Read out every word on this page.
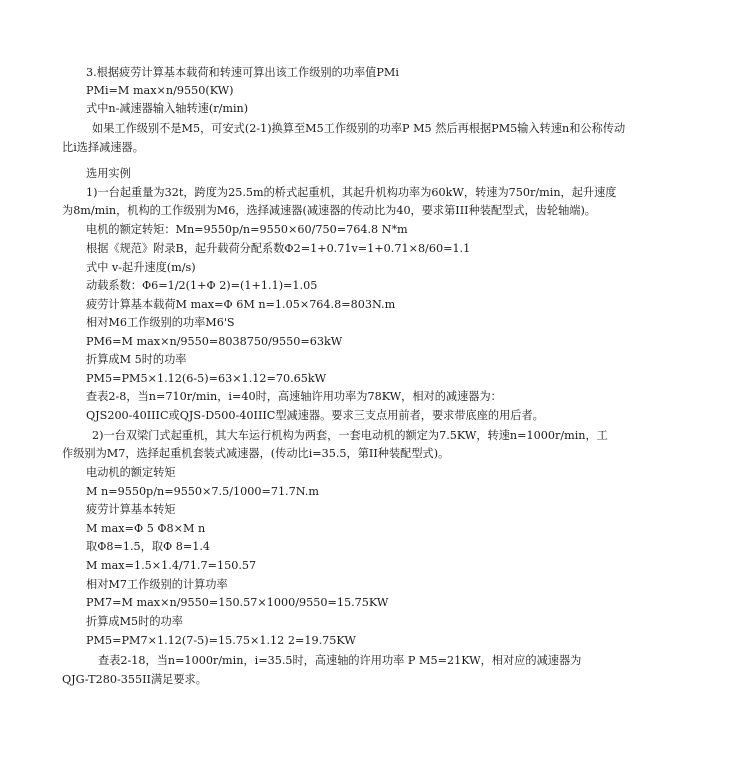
3.根据疲劳计算基本载荷和转速可算出该工作级别的功率值PMi
PMi=M max×n/9550(KW)
式中n-减速器输入轴转速(r/min)
如果工作级别不是M5，可安式(2-1)换算至M5工作级别的功率P M5 然后再根据PM5输入转速n和公称传动
比i选择减速器。
选用实例
1)一台起重量为32t，跨度为25.5m的桥式起重机，其起升机构功率为60kW，转速为750r/min，起升速度
为8m/min，机构的工作级别为M6，选择减速器(减速器的传动比为40，要求第III种装配型式，齿轮轴端)。
电机的额定转矩：Mn=9550p/n=9550×60/750=764.8 N*m
根据《规范》附录B，起升载荷分配系数Φ2=1+0.71v=1+0.71×8/60=1.1
式中 v-起升速度(m/s)
动载系数：Φ6=1/2(1+Φ 2)=(1+1.1)=1.05
疲劳计算基本载荷M max=Φ 6M n=1.05×764.8=803N.m
相对M6工作级别的功率M6'S
PM6=M max×n/9550=8038750/9550=63kW
折算成M 5时的功率
PM5=PM5×1.12(6-5)=63×1.12=70.65kW
查表2-8，当n=710r/min，i=40时，高速轴许用功率为78KW，相对的减速器为：
QJS200-40IIIC或QJS-D500-40IIIC型减速器。要求三支点用前者，要求带底座的用后者。
2)一台双梁门式起重机，其大车运行机构为两套，一套电动机的额定为7.5KW，转速n=1000r/min，工
作级别为M7，选择起重机套装式减速器，(传动比i=35.5，第II种装配型式)。
电动机的额定转矩
M n=9550p/n=9550×7.5/1000=71.7N.m
疲劳计算基本转矩
M max=Φ 5 Φ8×M n
取Φ8=1.5，取Φ 8=1.4
M max=1.5×1.4/71.7=150.57
相对M7工作级别的计算功率
PM7=M max×n/9550=150.57×1000/9550=15.75KW
折算成M5时的功率
PM5=PM7×1.12(7-5)=15.75×1.12 2=19.75KW
查表2-18，当n=1000r/min，i=35.5时，高速轴的许用功率 P M5=21KW，相对应的减速器为
QJG-T280-355II满足要求。
